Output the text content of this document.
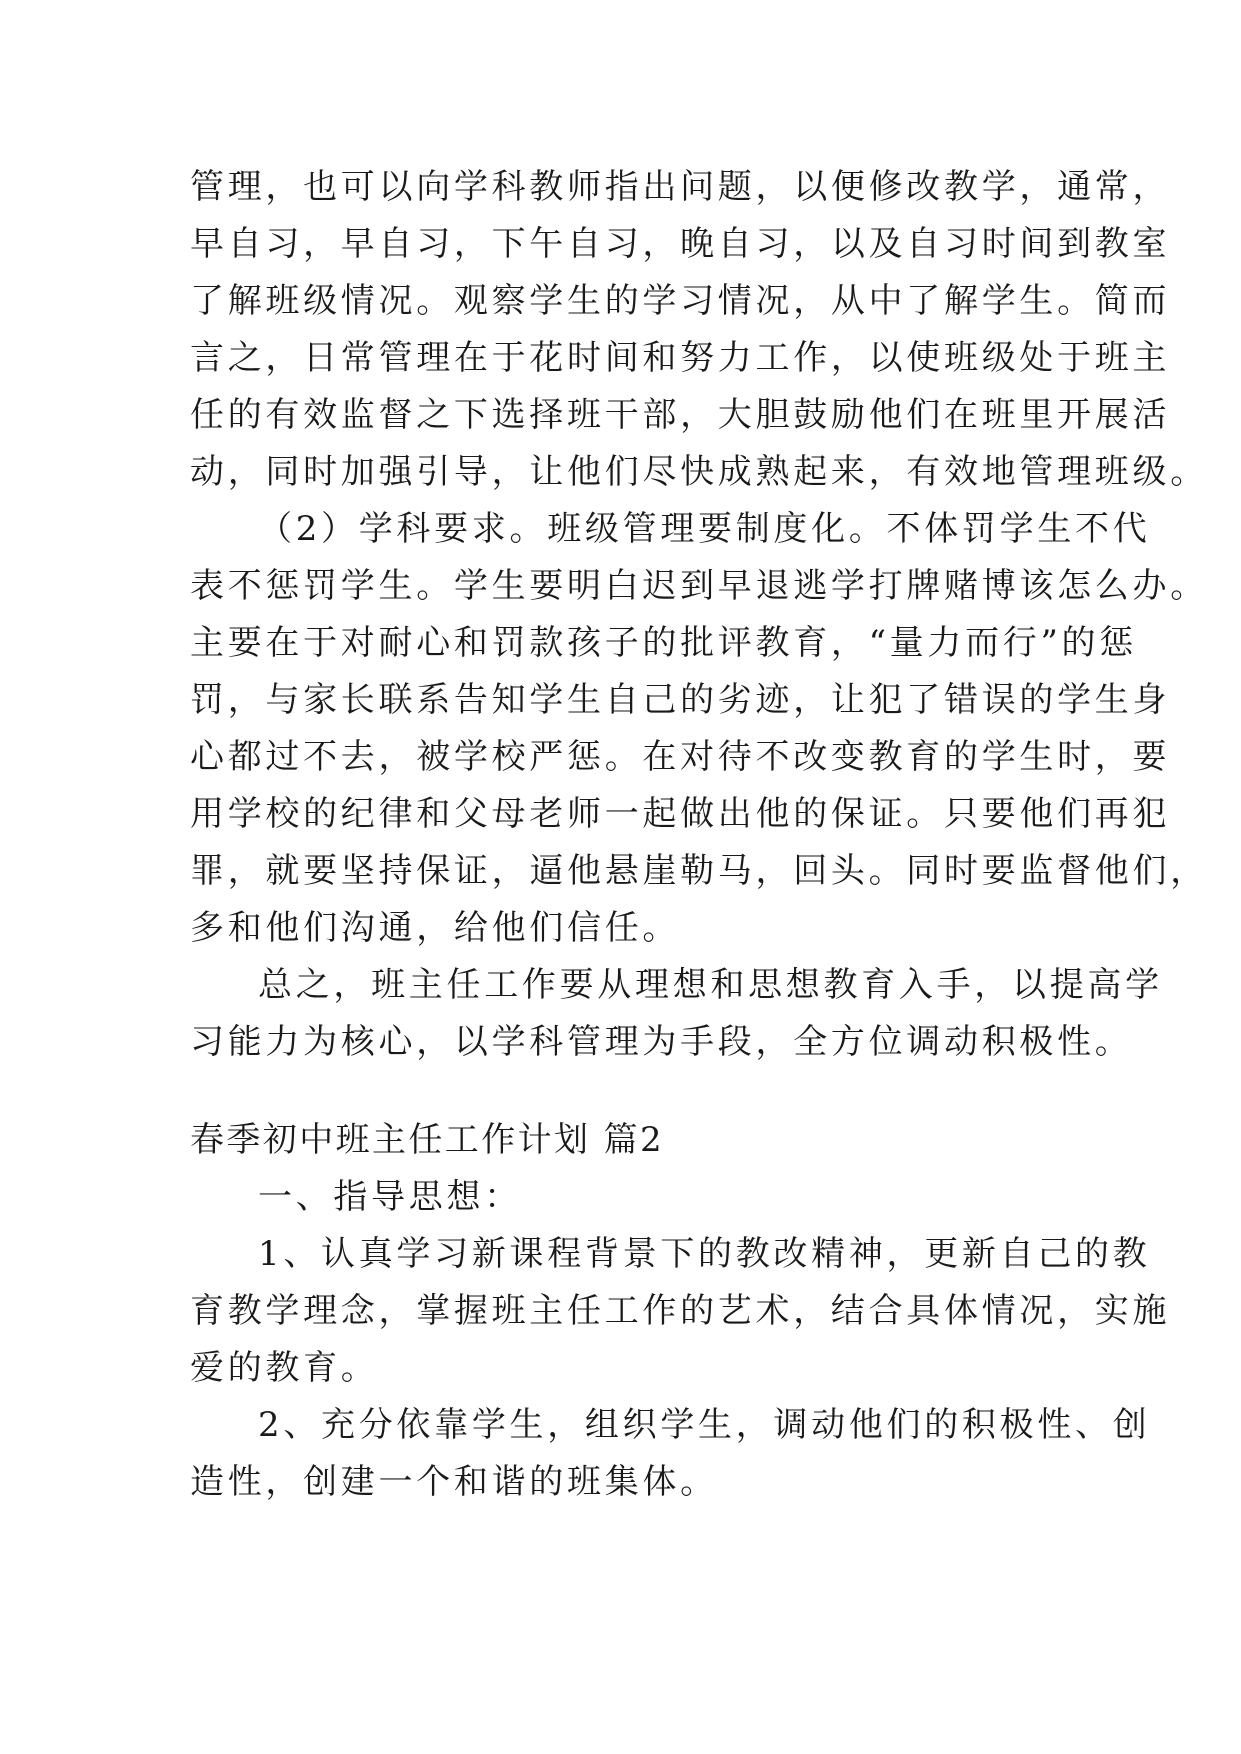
管理，也可以向学科教师指出问题，以便修改教学，通常，
早自习，早自习，下午自习，晚自习，以及自习时间到教室
了解班级情况。观察学生的学习情况，从中了解学生。简而
言之，日常管理在于花时间和努力工作，以使班级处于班主
任的有效监督之下选择班干部，大胆鼓励他们在班里开展活
动，同时加强引导，让他们尽快成熟起来，有效地管理班级。
（2）学科要求。班级管理要制度化。不体罚学生不代
表不惩罚学生。学生要明白迟到早退逃学打牌赌博该怎么办。
主要在于对耐心和罚款孩子的批评教育，“量力而行”的惩
罚，与家长联系告知学生自己的劣迹，让犯了错误的学生身
心都过不去，被学校严惩。在对待不改变教育的学生时，要
用学校的纪律和父母老师一起做出他的保证。只要他们再犯
罪，就要坚持保证，逼他悬崖勒马，回头。同时要监督他们，
多和他们沟通，给他们信任。
总之，班主任工作要从理想和思想教育入手，以提高学
习能力为核心，以学科管理为手段，全方位调动积极性。
春季初中班主任工作计划 篇2
一、指导思想：
1、认真学习新课程背景下的教改精神，更新自己的教
育教学理念，掌握班主任工作的艺术，结合具体情况，实施
爱的教育。
2、充分依靠学生，组织学生，调动他们的积极性、创
造性，创建一个和谐的班集体。
